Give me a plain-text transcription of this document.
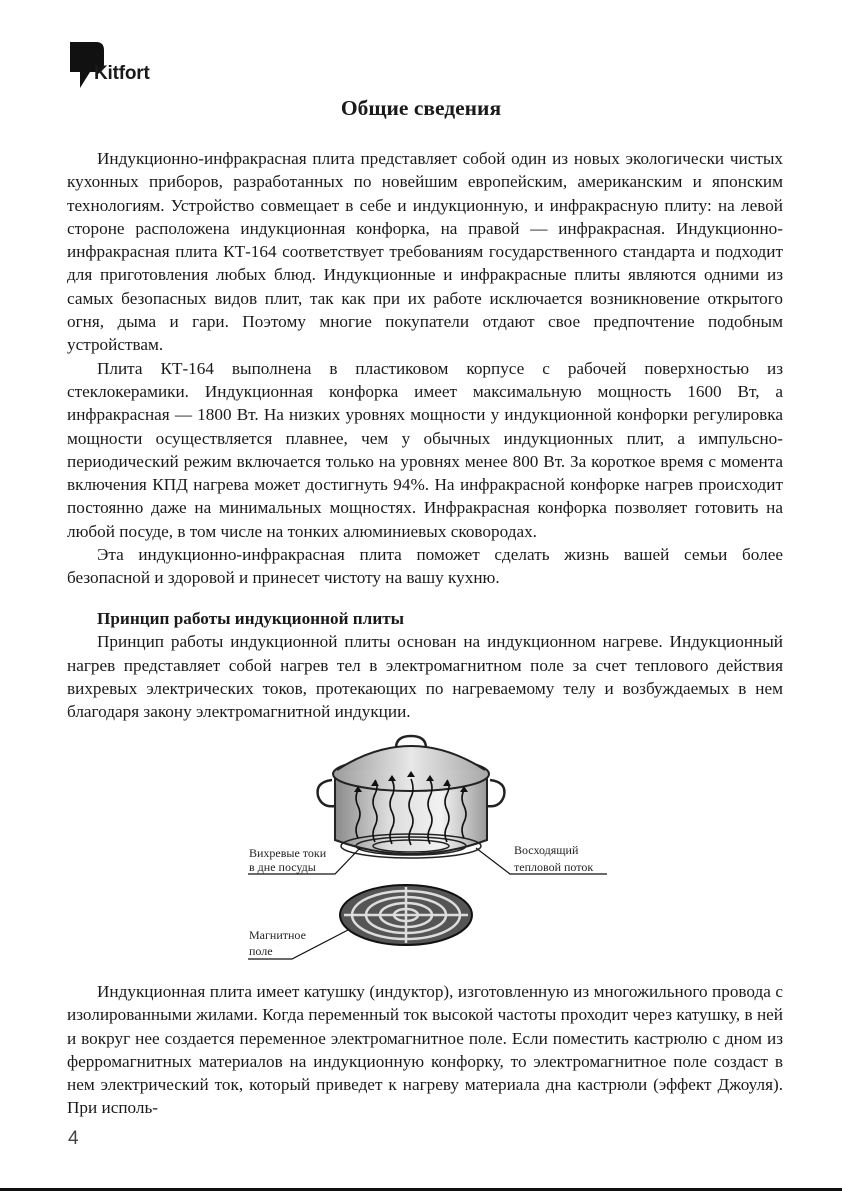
Kitfort
Общие сведения

Индукционно-инфракрасная плита представляет собой один из новых экологически чистых кухонных приборов, разработанных по новейшим европейским, американским и японским технологиям. Устройство совмещает в себе и индукционную, и инфракрасную плиту: на левой стороне расположена индукционная конфорка, на правой — инфракрасная. Индукционно-инфракрасная плита КТ-164 соответствует требованиям государственного стандарта и подходит для приготовления любых блюд. Индукционные и инфракрасные плиты являются одними из самых безопасных видов плит, так как при их работе исключается возникновение открытого огня, дыма и гари. Поэтому многие покупатели отдают свое предпочтение подобным устройствам.

Плита КТ-164 выполнена в пластиковом корпусе с рабочей поверхностью из стеклокерамики. Индукционная конфорка имеет максимальную мощность 1600 Вт, а инфракрасная — 1800 Вт. На низких уровнях мощности у индукционной конфорки регулировка мощности осуществляется плавнее, чем у обычных индукционных плит, а импульсно-периодический режим включается только на уровнях менее 800 Вт. За короткое время с момента включения КПД нагрева может достигнуть 94%. На инфракрасной конфорке нагрев происходит постоянно даже на минимальных мощностях. Инфракрасная конфорка позволяет готовить на любой посуде, в том числе на тонких алюминиевых сковородах.

Эта индукционно-инфракрасная плита поможет сделать жизнь вашей семьи более безопасной и здоровой и принесет чистоту на вашу кухню.

Принцип работы индукционной плиты

Принцип работы индукционной плиты основан на индукционном нагреве. Индукционный нагрев представляет собой нагрев тел в электромагнитном поле за счет теплового действия вихревых электрических токов, протекающих по нагреваемому телу и возбуждаемых в нем благодаря закону электромагнитной индукции.

Вихревые токи
в дне посуды
Восходящий
тепловой поток
Магнитное
поле

Индукционная плита имеет катушку (индуктор), изготовленную из многожильного провода с изолированными жилами. Когда переменный ток высокой частоты проходит через катушку, в ней и вокруг нее создается переменное электромагнитное поле. Если поместить кастрюлю с дном из ферромагнитных материалов на индукционную конфорку, то электромагнитное поле создаст в нем электрический ток, который приведет к нагреву материала дна кастрюли (эффект Джоуля). При исполь-

4
